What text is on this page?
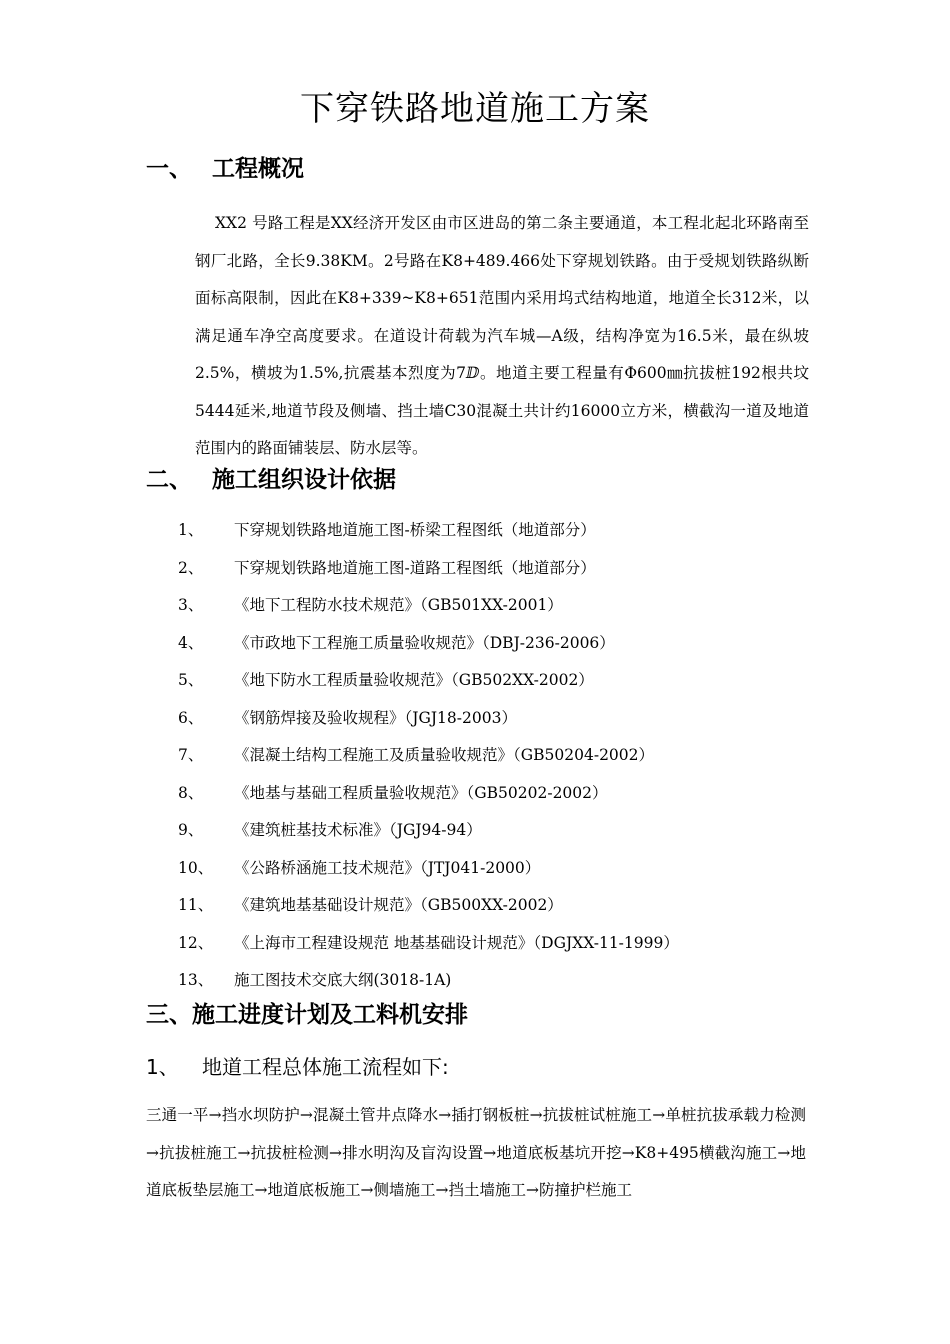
下穿铁路地道施工方案
一、 工程概况

XX2 号路工程是XX经济开发区由市区进岛的第二条主要通道，本工程北起北环路南至钢厂北路，全长9.38KM。2号路在K8+489.466处下穿规划铁路。由于受规划铁路纵断面标高限制，因此在K8+339~K8+651范围内采用坞式结构地道，地道全长312米，以满足通车净空高度要求。在道设计荷载为汽车城—A级，结构净宽为16.5米，最在纵坡2.5%，横坡为1.5%,抗震基本烈度为7ⅅ。地道主要工程量有Φ600㎜抗拔桩192根共坟5444延米,地道节段及侧墙、挡土墙C30混凝土共计约16000立方米，横截沟一道及地道范围内的路面铺装层、防水层等。

二、 施工组织设计依据
1、 下穿规划铁路地道施工图-桥梁工程图纸（地道部分）
2、 下穿规划铁路地道施工图-道路工程图纸（地道部分）
3、 《地下工程防水技术规范》（GB501XX-2001）
4、 《市政地下工程施工质量验收规范》（DBJ-236-2006）
5、 《地下防水工程质量验收规范》（GB502XX-2002）
6、 《钢筋焊接及验收规程》（JGJ18-2003）
7、 《混凝土结构工程施工及质量验收规范》（GB50204-2002）
8、 《地基与基础工程质量验收规范》（GB50202-2002）
9、 《建筑桩基技术标准》（JGJ94-94）
10、 《公路桥涵施工技术规范》（JTJ041-2000）
11、 《建筑地基基础设计规范》（GB500XX-2002）
12、 《上海市工程建设规范 地基基础设计规范》（DGJXX-11-1999）
13、 施工图技术交底大纲(3018-1A)
三、施工进度计划及工料机安排
1、 地道工程总体施工流程如下:

三通一平→挡水坝防护→混凝土管井点降水→插打钢板桩→抗拔桩试桩施工→单桩抗拔承载力检测→抗拔桩施工→抗拔桩检测→排水明沟及盲沟设置→地道底板基坑开挖→K8+495横截沟施工→地道底板垫层施工→地道底板施工→侧墙施工→挡土墙施工→防撞护栏施工
